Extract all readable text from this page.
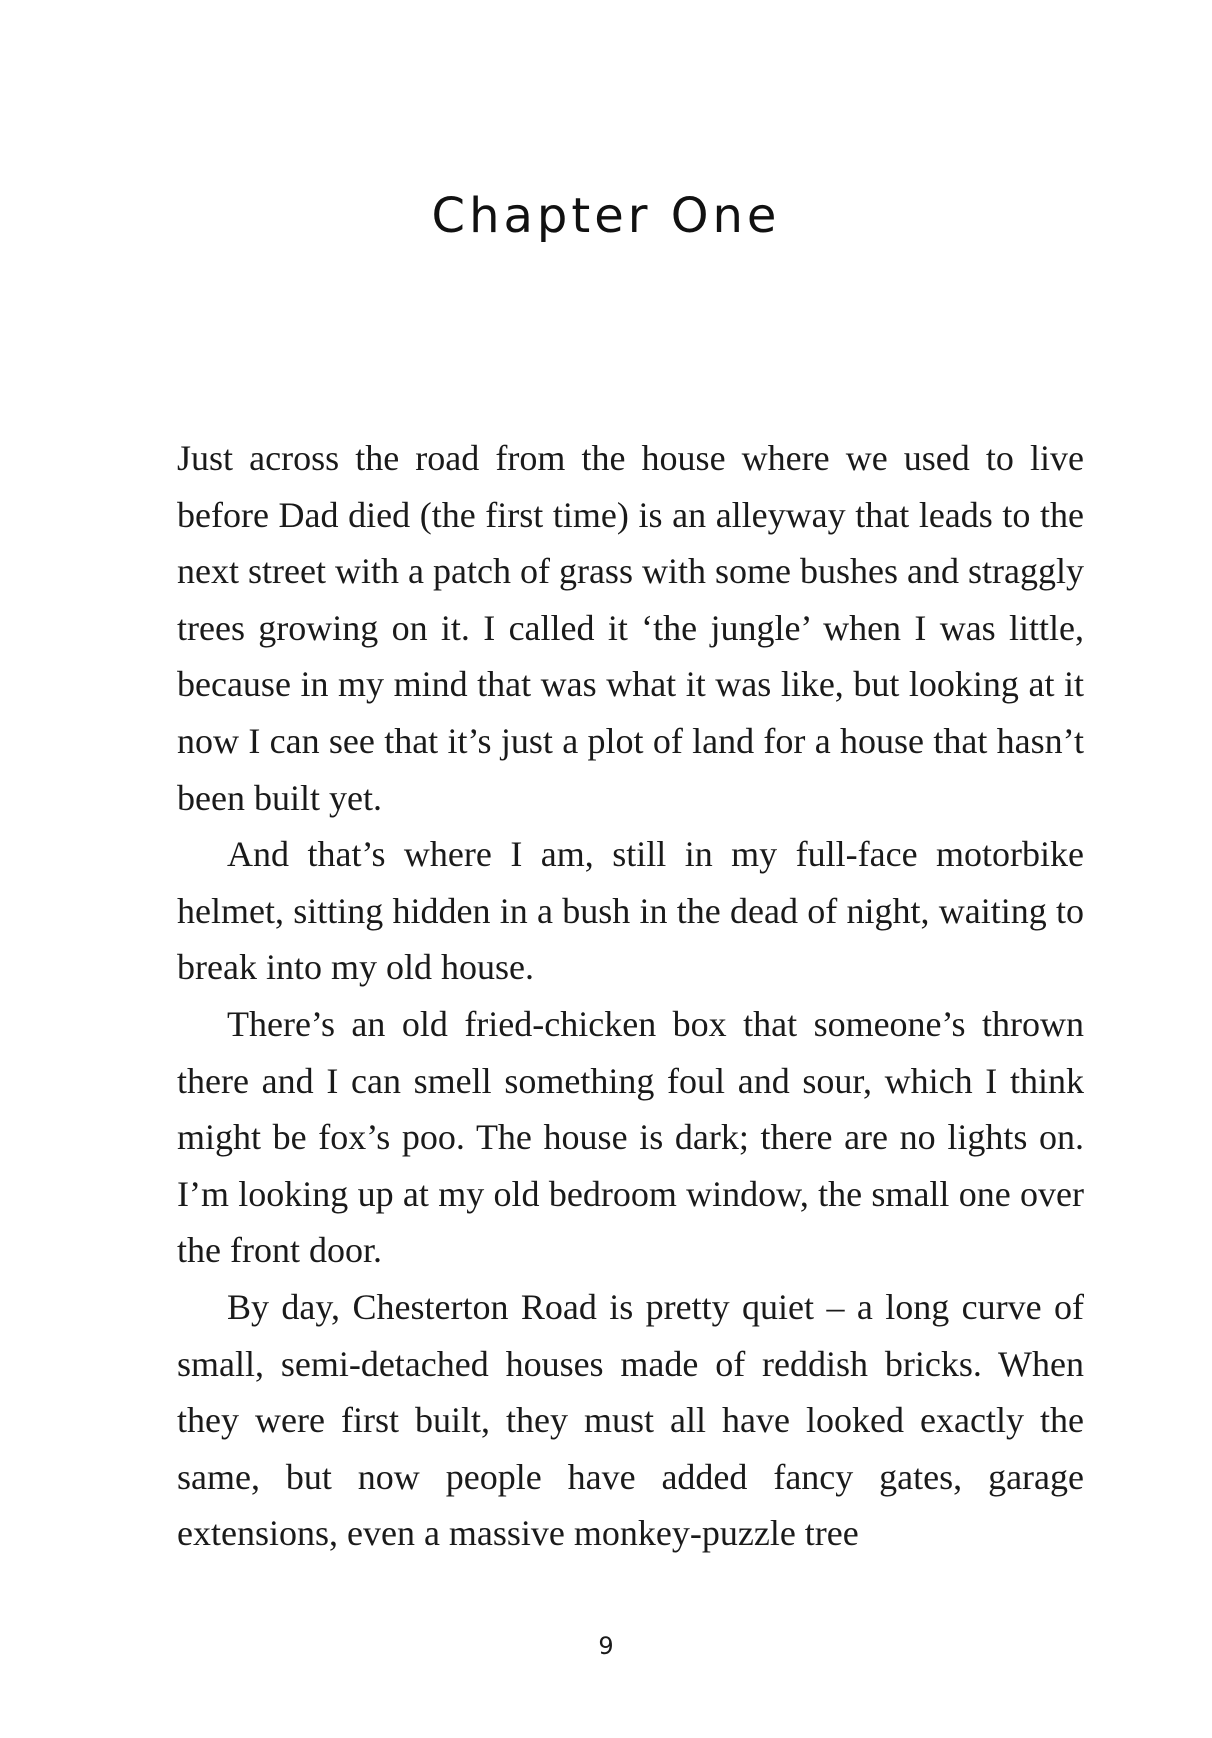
Chapter One

Just across the road from the house where we used to live before Dad died (the first time) is an alleyway that leads to the next street with a patch of grass with some bushes and straggly trees growing on it. I called it ‘the jungle’ when I was little, because in my mind that was what it was like, but looking at it now I can see that it’s just a plot of land for a house that hasn’t been built yet.

And that’s where I am, still in my full-face motorbike helmet, sitting hidden in a bush in the dead of night, waiting to break into my old house.

There’s an old fried-chicken box that someone’s thrown there and I can smell something foul and sour, which I think might be fox’s poo. The house is dark; there are no lights on. I’m looking up at my old bedroom window, the small one over the front door.

By day, Chesterton Road is pretty quiet – a long curve of small, semi-detached houses made of reddish bricks. When they were first built, they must all have looked exactly the same, but now people have added fancy gates, garage extensions, even a massive monkey-puzzle tree

9
